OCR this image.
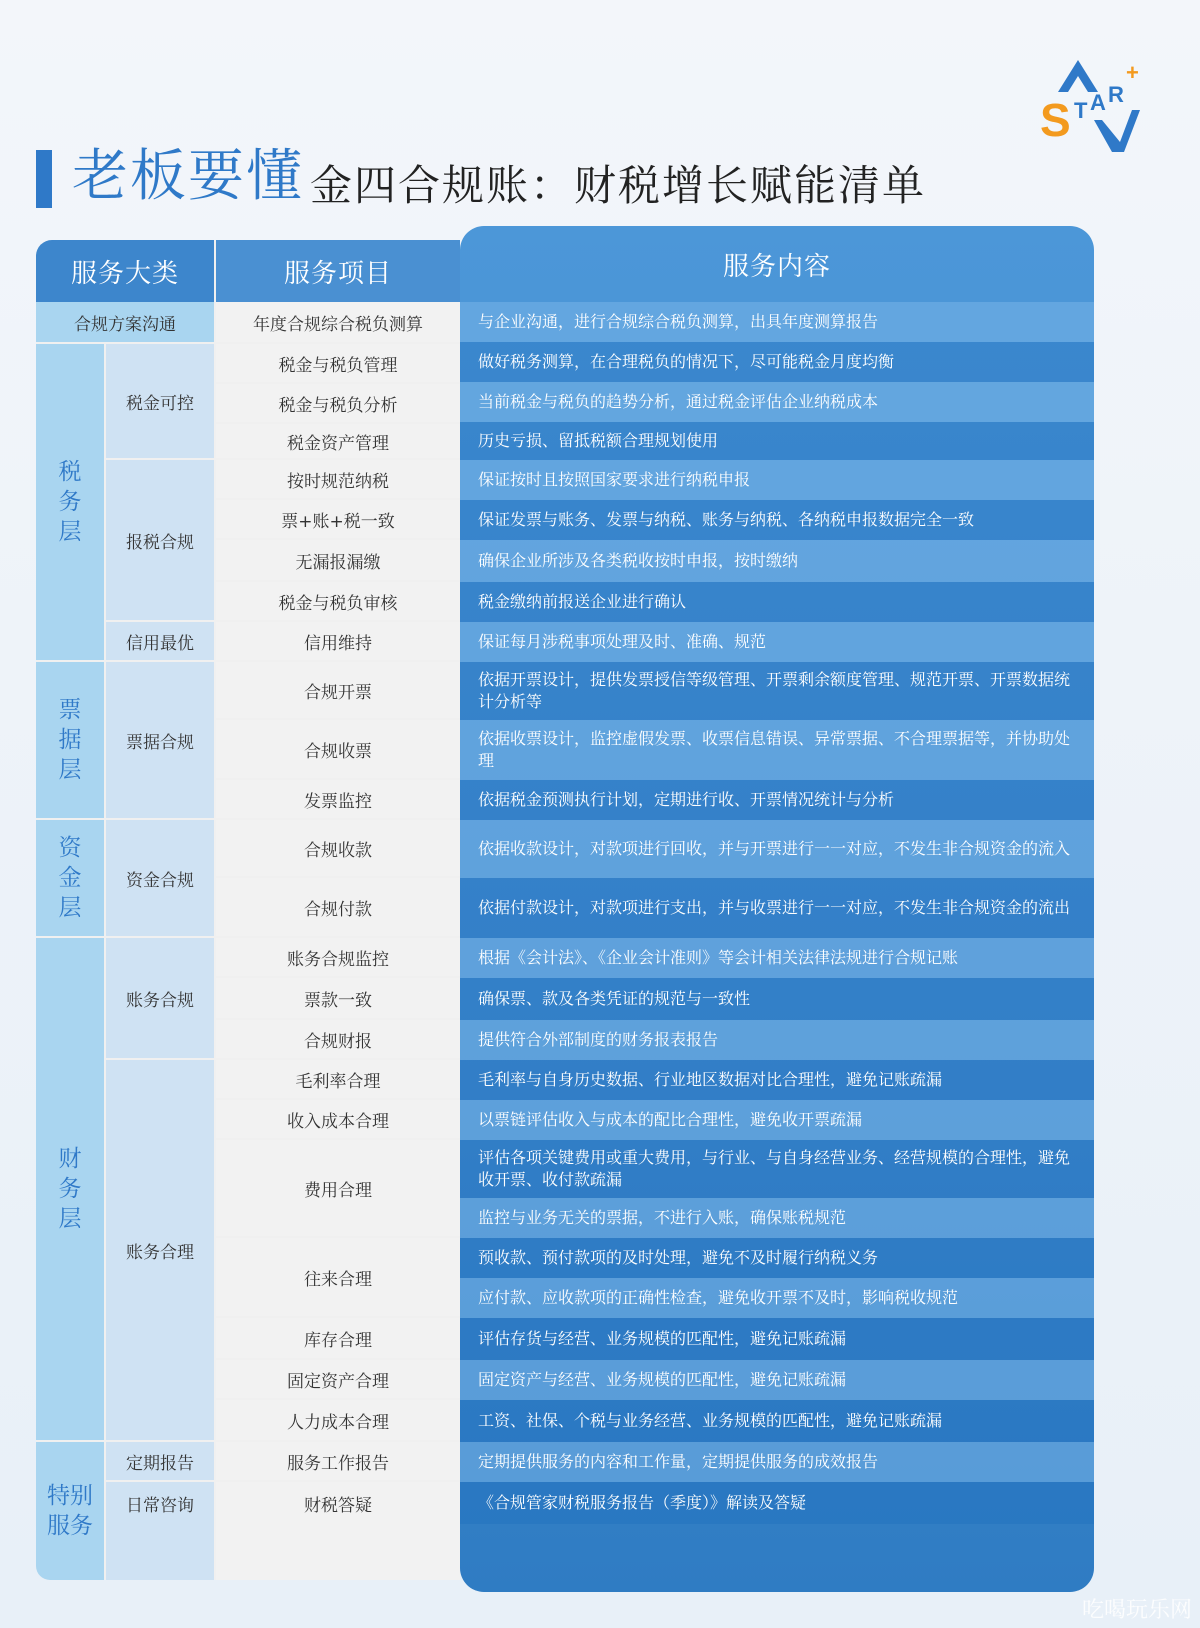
老板要懂 金四合规账：财税增长赋能清单
S T A R
+
服务大类	服务项目
合规方案沟通
税
务
层
票
据
层
资
金
层
财
务
层
特别
服务
税金可控
报税合规
信用最优
票据合规
资金合规
账务合规
账务合理
定期报告
日常咨询
年度合规综合税负测算
税金与税负管理
税金与税负分析
税金资产管理
按时规范纳税
票+账+税一致
无漏报漏缴
税金与税负审核
信用维持
合规开票
合规收票
发票监控
合规收款
合规付款
账务合规监控
票款一致
合规财报
毛利率合理
收入成本合理
费用合理
往来合理
库存合理
固定资产合理
人力成本合理
服务工作报告
财税答疑
服务内容
与企业沟通，进行合规综合税负测算，出具年度测算报告
做好税务测算，在合理税负的情况下，尽可能税金月度均衡
当前税金与税负的趋势分析，通过税金评估企业纳税成本
历史亏损、留抵税额合理规划使用
保证按时且按照国家要求进行纳税申报
保证发票与账务、发票与纳税、账务与纳税、各纳税申报数据完全一致
确保企业所涉及各类税收按时申报，按时缴纳
税金缴纳前报送企业进行确认
保证每月涉税事项处理及时、准确、规范
依据开票设计，提供发票授信等级管理、开票剩余额度管理、规范开票、开票数据统计分析等
依据收票设计，监控虚假发票、收票信息错误、异常票据、不合理票据等，并协助处理
依据税金预测执行计划，定期进行收、开票情况统计与分析
依据收款设计，对款项进行回收，并与开票进行一一对应，不发生非合规资金的流入
依据付款设计，对款项进行支出，并与收票进行一一对应，不发生非合规资金的流出
根据《会计法》、《企业会计准则》等会计相关法律法规进行合规记账
确保票、款及各类凭证的规范与一致性
提供符合外部制度的财务报表报告
毛利率与自身历史数据、行业地区数据对比合理性，避免记账疏漏
以票链评估收入与成本的配比合理性，避免收开票疏漏
评估各项关键费用或重大费用，与行业、与自身经营业务、经营规模的合理性，避免收开票、收付款疏漏
监控与业务无关的票据，不进行入账，确保账税规范
预收款、预付款项的及时处理，避免不及时履行纳税义务
应付款、应收款项的正确性检查，避免收开票不及时，影响税收规范
评估存货与经营、业务规模的匹配性，避免记账疏漏
固定资产与经营、业务规模的匹配性，避免记账疏漏
工资、社保、个税与业务经营、业务规模的匹配性，避免记账疏漏
定期提供服务的内容和工作量，定期提供服务的成效报告
《合规管家财税服务报告（季度）》解读及答疑
吃喝玩乐网
